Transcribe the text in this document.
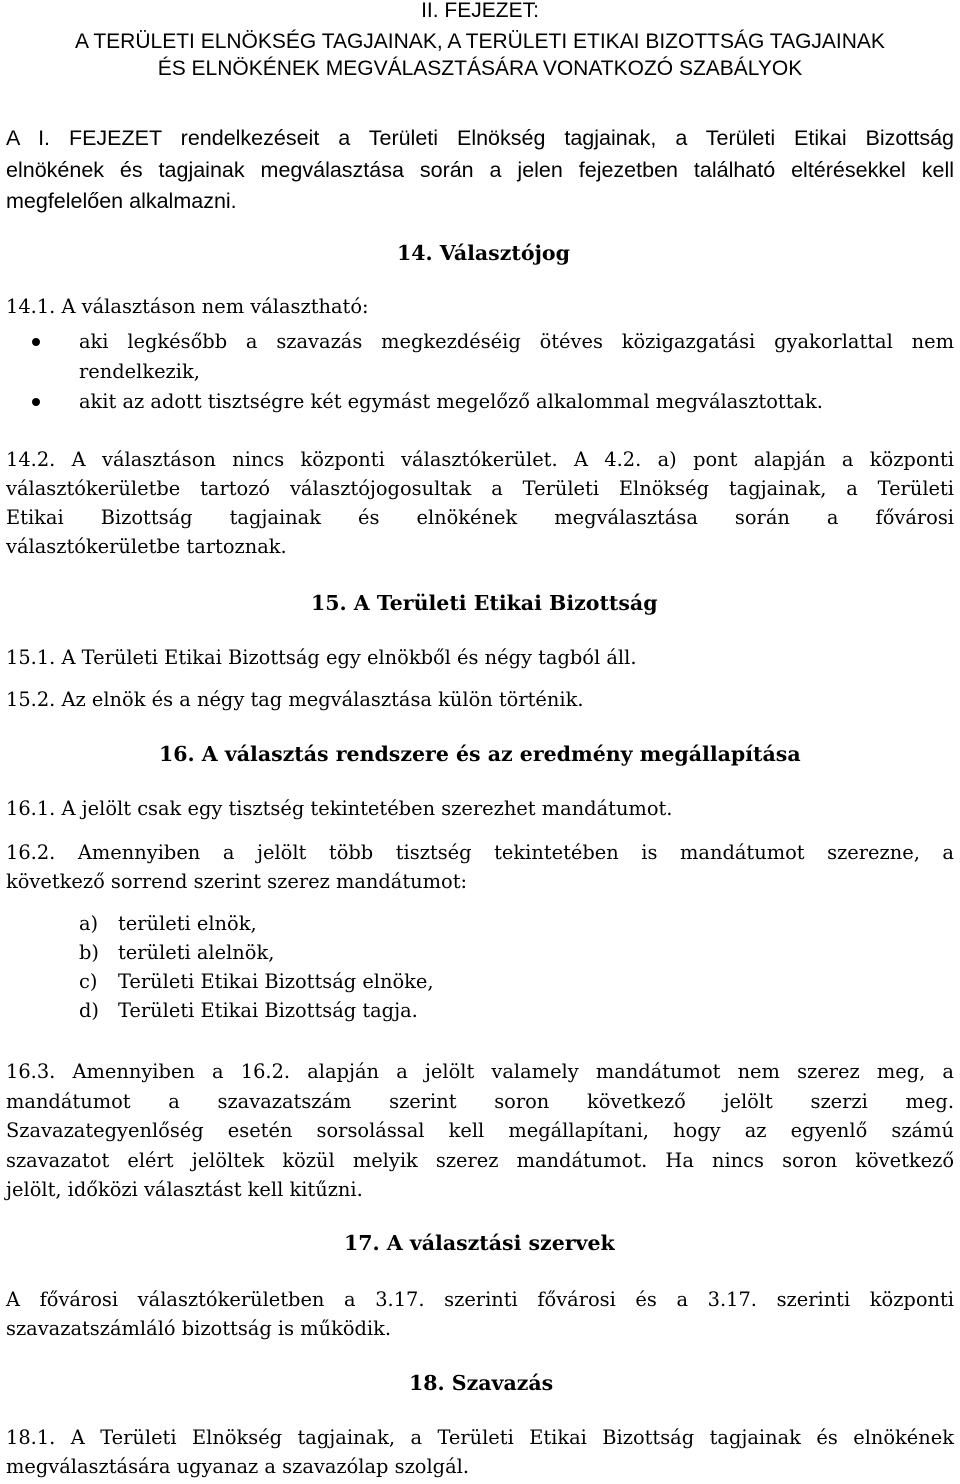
II. FEJEZET:
A TERÜLETI ELNÖKSÉG TAGJAINAK, A TERÜLETI ETIKAI BIZOTTSÁG TAGJAINAK
ÉS ELNÖKÉNEK MEGVÁLASZTÁSÁRA VONATKOZÓ SZABÁLYOK
A I. FEJEZET rendelkezéseit a Területi Elnökség tagjainak, a Területi Etikai Bizottság
elnökének és tagjainak megválasztása során a jelen fejezetben található eltérésekkel kell
megfelelően alkalmazni.
14. Választójog
14.1. A választáson nem választható:
aki legkésőbb a szavazás megkezdéséig ötéves közigazgatási gyakorlattal nem
rendelkezik,
akit az adott tisztségre két egymást megelőző alkalommal megválasztottak.
14.2. A választáson nincs központi választókerület. A 4.2. a) pont alapján a központi
választókerületbe tartozó választójogosultak a Területi Elnökség tagjainak, a Területi
Etikai Bizottság tagjainak és elnökének megválasztása során a fővárosi
választókerületbe tartoznak.
15. A Területi Etikai Bizottság
15.1. A Területi Etikai Bizottság egy elnökből és négy tagból áll.
15.2. Az elnök és a négy tag megválasztása külön történik.
16. A választás rendszere és az eredmény megállapítása
16.1. A jelölt csak egy tisztség tekintetében szerezhet mandátumot.
16.2. Amennyiben a jelölt több tisztség tekintetében is mandátumot szerezne, a
következő sorrend szerint szerez mandátumot:
a) területi elnök,
b) területi alelnök,
c) Területi Etikai Bizottság elnöke,
d) Területi Etikai Bizottság tagja.
16.3. Amennyiben a 16.2. alapján a jelölt valamely mandátumot nem szerez meg, a
mandátumot a szavazatszám szerint soron következő jelölt szerzi meg.
Szavazategyenlőség esetén sorsolással kell megállapítani, hogy az egyenlő számú
szavazatot elért jelöltek közül melyik szerez mandátumot. Ha nincs soron következő
jelölt, időközi választást kell kitűzni.
17. A választási szervek
A fővárosi választókerületben a 3.17. szerinti fővárosi és a 3.17. szerinti központi
szavazatszámláló bizottság is működik.
18. Szavazás
18.1. A Területi Elnökség tagjainak, a Területi Etikai Bizottság tagjainak és elnökének
megválasztására ugyanaz a szavazólap szolgál.
